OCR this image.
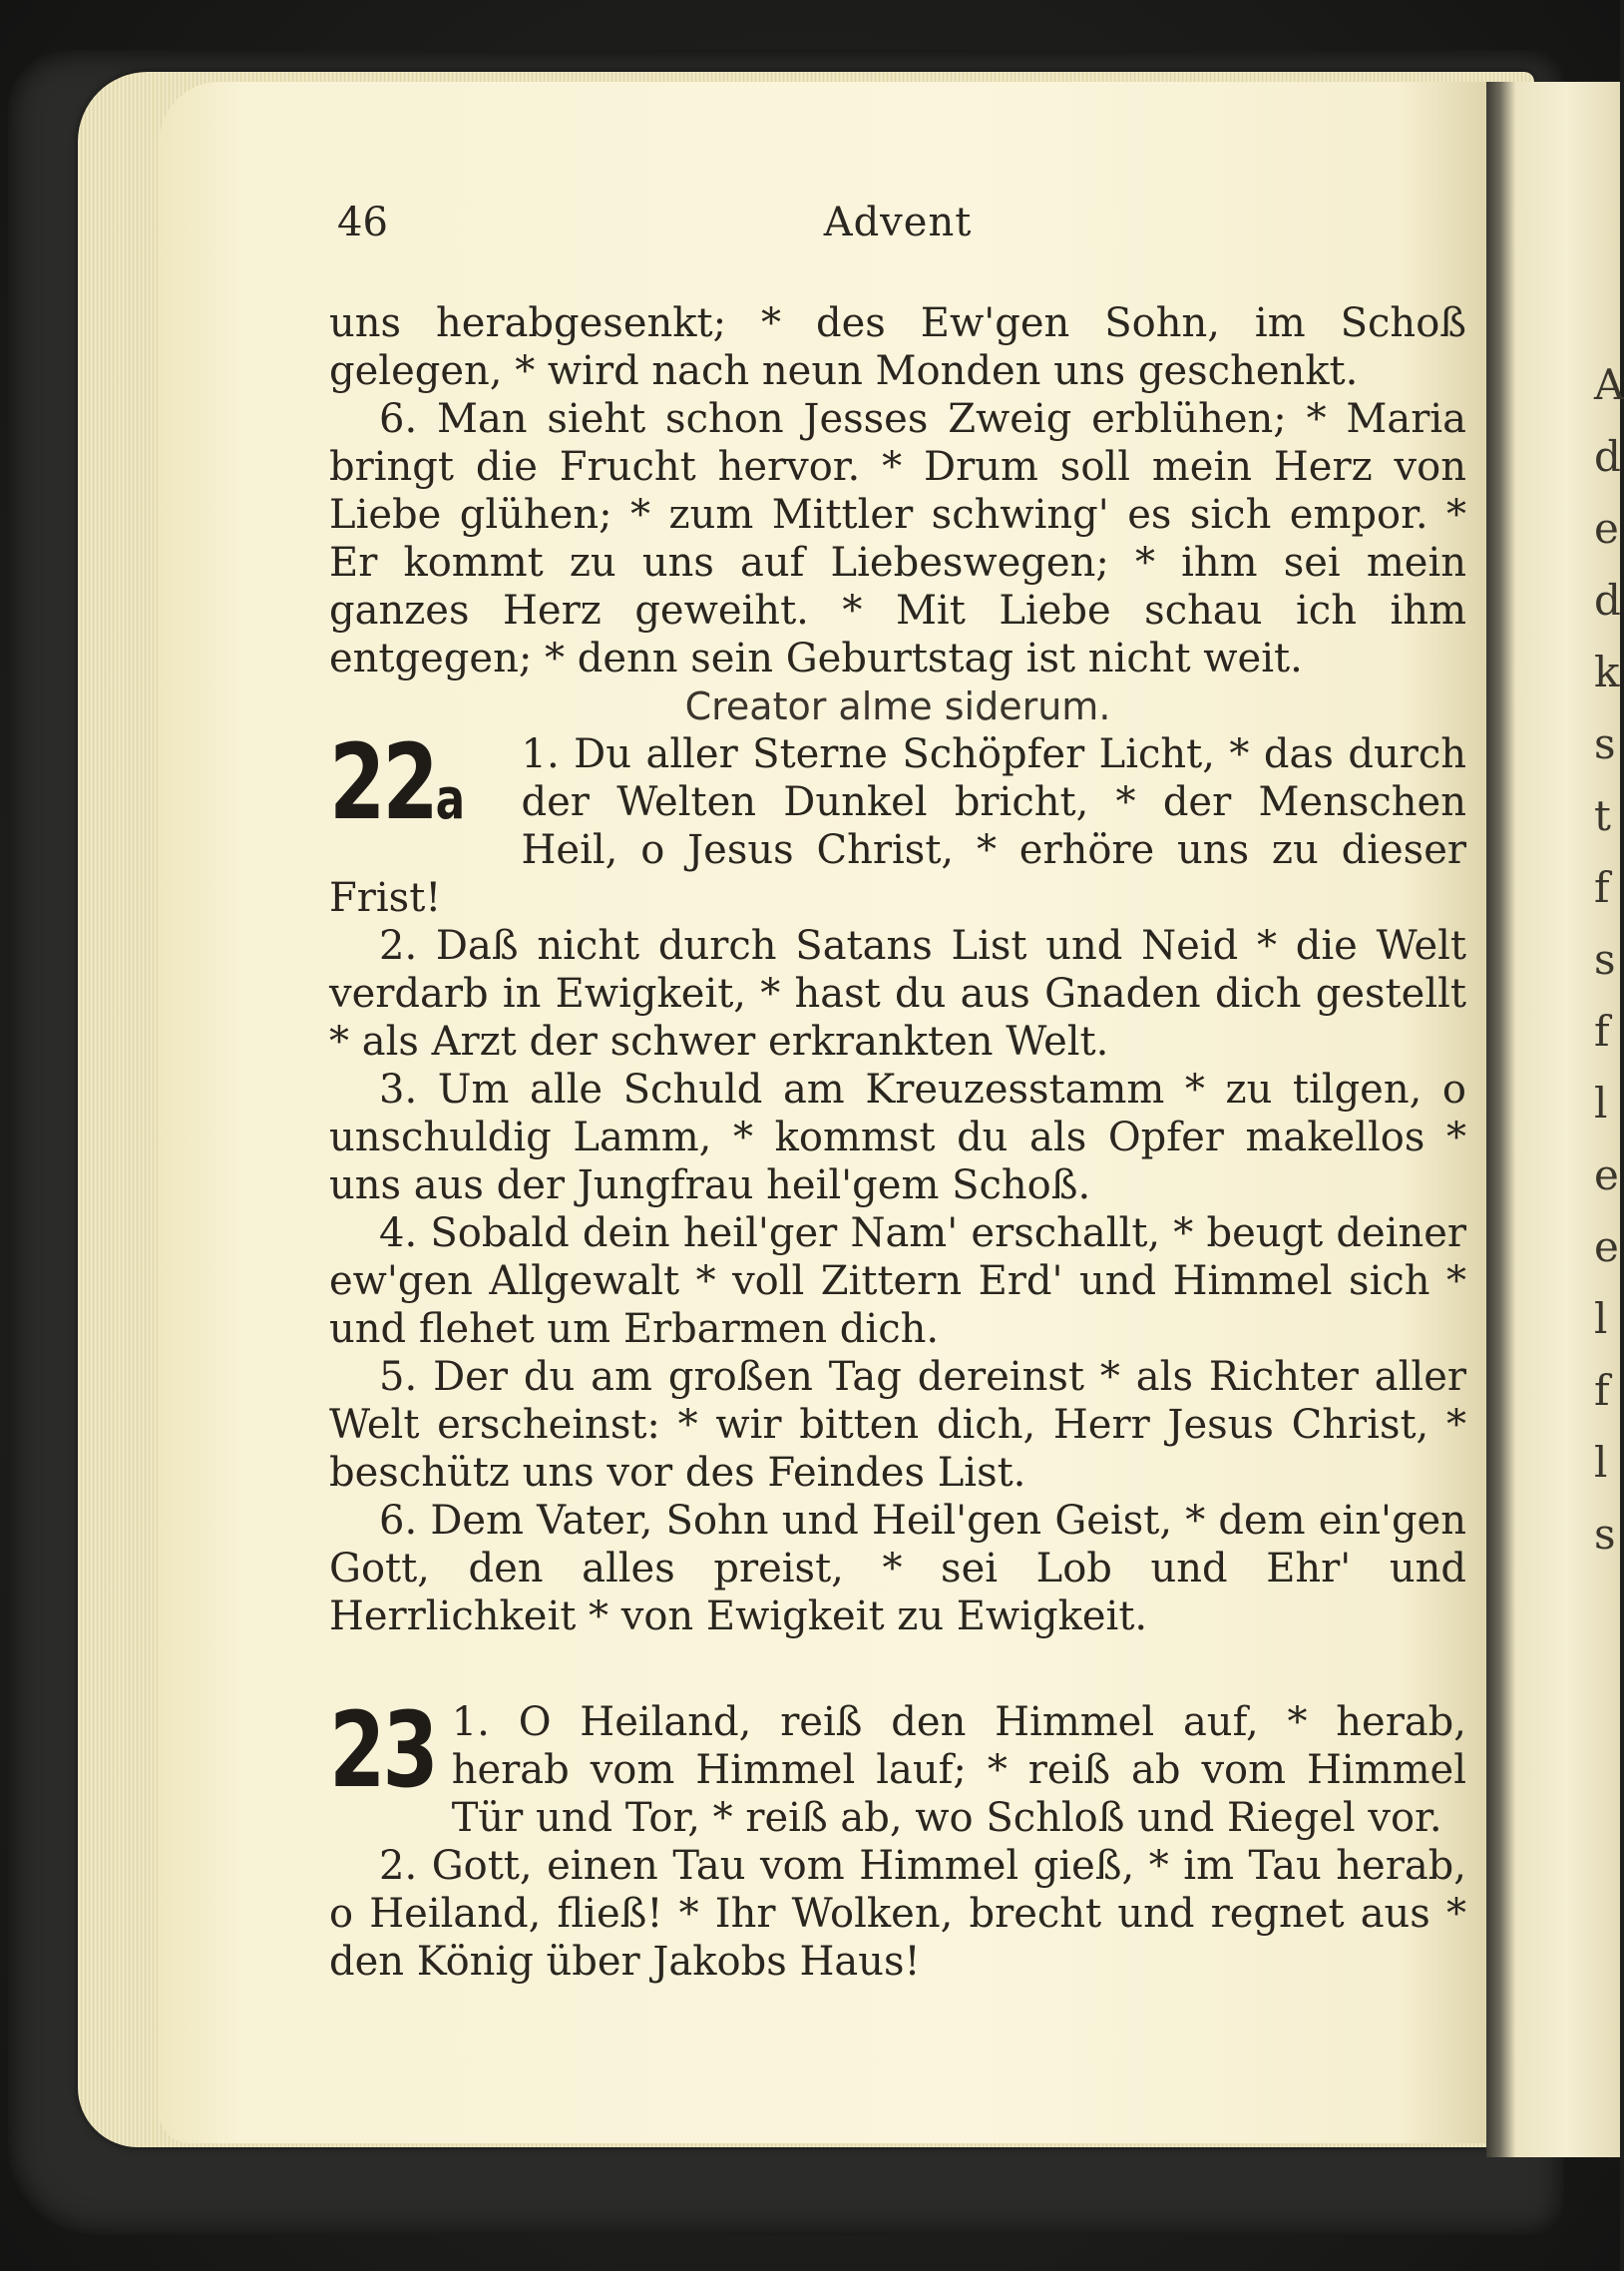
A d e d k s t f s f l e e l f l s
46	Advent

uns herabgesenkt; * des Ew'gen Sohn, im Schoß gelegen, * wird nach neun Monden uns geschenkt.

6. Man sieht schon Jesses Zweig erblühen; * Maria bringt die Frucht hervor. * Drum soll mein Herz von Liebe glühen; * zum Mittler schwing' es sich empor. * Er kommt zu uns auf Liebeswegen; * ihm sei mein ganzes Herz geweiht. * Mit Liebe schau ich ihm entgegen; * denn sein Geburtstag ist nicht weit.

Creator alme siderum.

22a

1. Du aller Sterne Schöpfer Licht, * das durch der Welten Dunkel bricht, * der Menschen Heil, o Jesus Christ, * erhöre uns zu dieser Frist!

2. Daß nicht durch Satans List und Neid * die Welt verdarb in Ewigkeit, * hast du aus Gnaden dich gestellt * als Arzt der schwer erkrankten Welt.

3. Um alle Schuld am Kreuzesstamm * zu tilgen, o unschuldig Lamm, * kommst du als Opfer makellos * uns aus der Jungfrau heil'gem Schoß.

4. Sobald dein heil'ger Nam' erschallt, * beugt deiner ew'gen Allgewalt * voll Zittern Erd' und Himmel sich * und flehet um Erbarmen dich.

5. Der du am großen Tag dereinst * als Richter aller Welt erscheinst: * wir bitten dich, Herr Jesus Christ, * beschütz uns vor des Feindes List.

6. Dem Vater, Sohn und Heil'gen Geist, * dem ein'gen Gott, den alles preist, * sei Lob und Ehr' und Herrlichkeit * von Ewigkeit zu Ewigkeit.

23 1. O Heiland, reiß den Himmel auf, * herab, herab vom Himmel lauf; * reiß ab vom Himmel Tür und Tor, * reiß ab, wo Schloß und Riegel vor.

2. Gott, einen Tau vom Himmel gieß, * im Tau herab, o Heiland, fließ! * Ihr Wolken, brecht und regnet aus * den König über Jakobs Haus!
